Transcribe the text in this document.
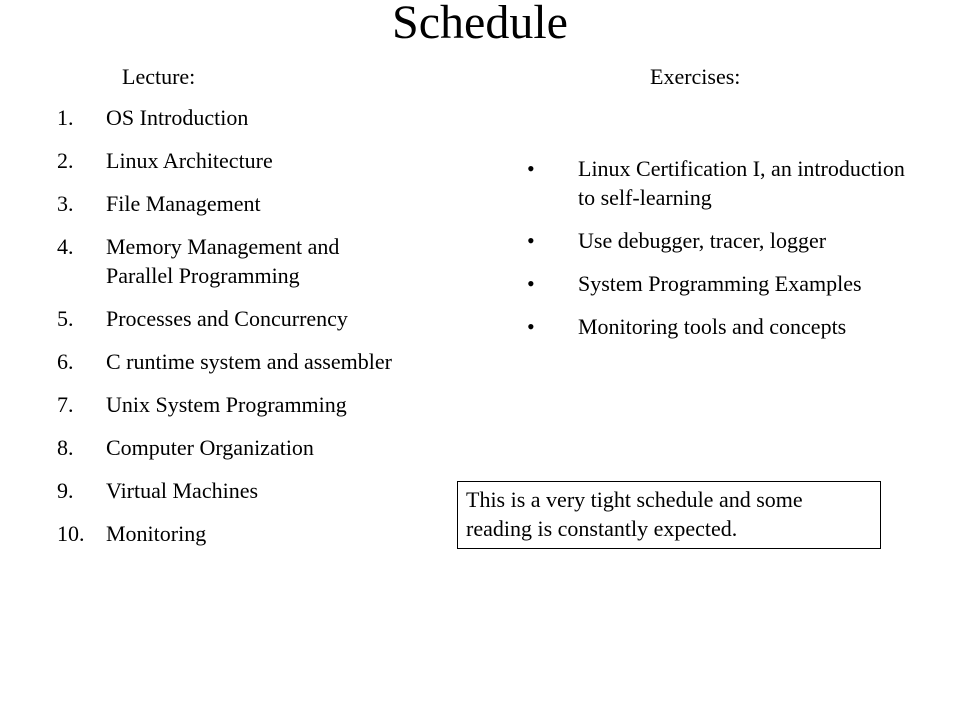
Schedule
Lecture:	Exercises:
1.	OS Introduction
2.	Linux Architecture
3.	File Management
4.	Memory Management and Parallel Programming
5.	Processes and Concurrency
6.	C runtime system and assembler
7.	Unix System Programming
8.	Computer Organization
9.	Virtual Machines
10. Monitoring
•	Linux Certification I, an introduction to self-learning
•	Use debugger, tracer, logger
•	System Programming Examples
•	Monitoring tools and concepts
This is a very tight schedule and some reading is constantly expected.
